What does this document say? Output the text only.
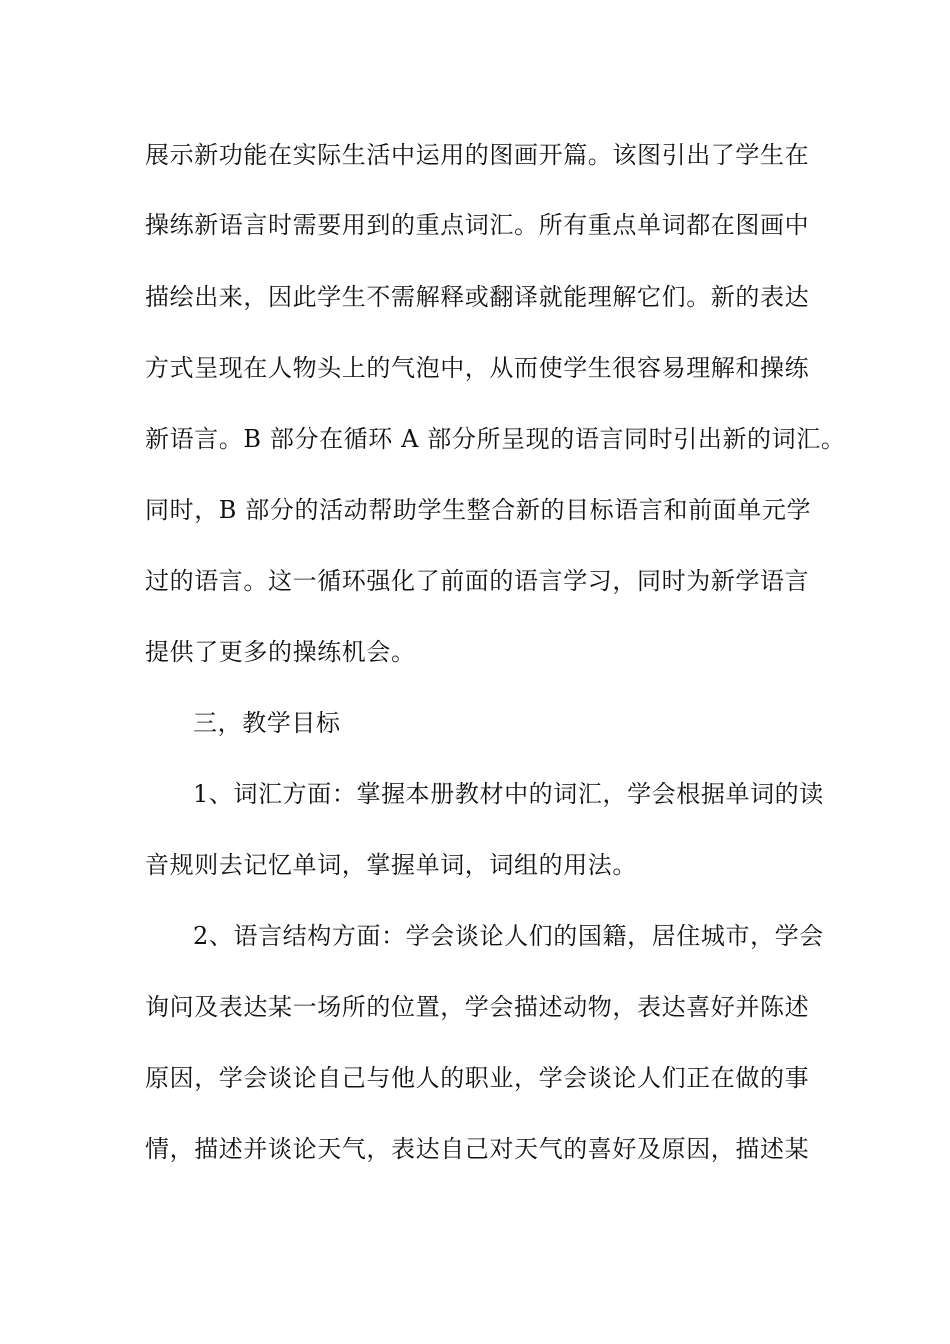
展示新功能在实际生活中运用的图画开篇。该图引出了学生在
操练新语言时需要用到的重点词汇。所有重点单词都在图画中
描绘出来，因此学生不需解释或翻译就能理解它们。新的表达
方式呈现在人物头上的气泡中，从而使学生很容易理解和操练
新语言。B 部分在循环 A 部分所呈现的语言同时引出新的词汇。
同时，B 部分的活动帮助学生整合新的目标语言和前面单元学
过的语言。这一循环强化了前面的语言学习，同时为新学语言
提供了更多的操练机会。
三，教学目标
1、词汇方面：掌握本册教材中的词汇，学会根据单词的读
音规则去记忆单词，掌握单词，词组的用法。
2、语言结构方面：学会谈论人们的国籍，居住城市，学会
询问及表达某一场所的位置，学会描述动物，表达喜好并陈述
原因，学会谈论自己与他人的职业，学会谈论人们正在做的事
情，描述并谈论天气，表达自己对天气的喜好及原因，描述某
